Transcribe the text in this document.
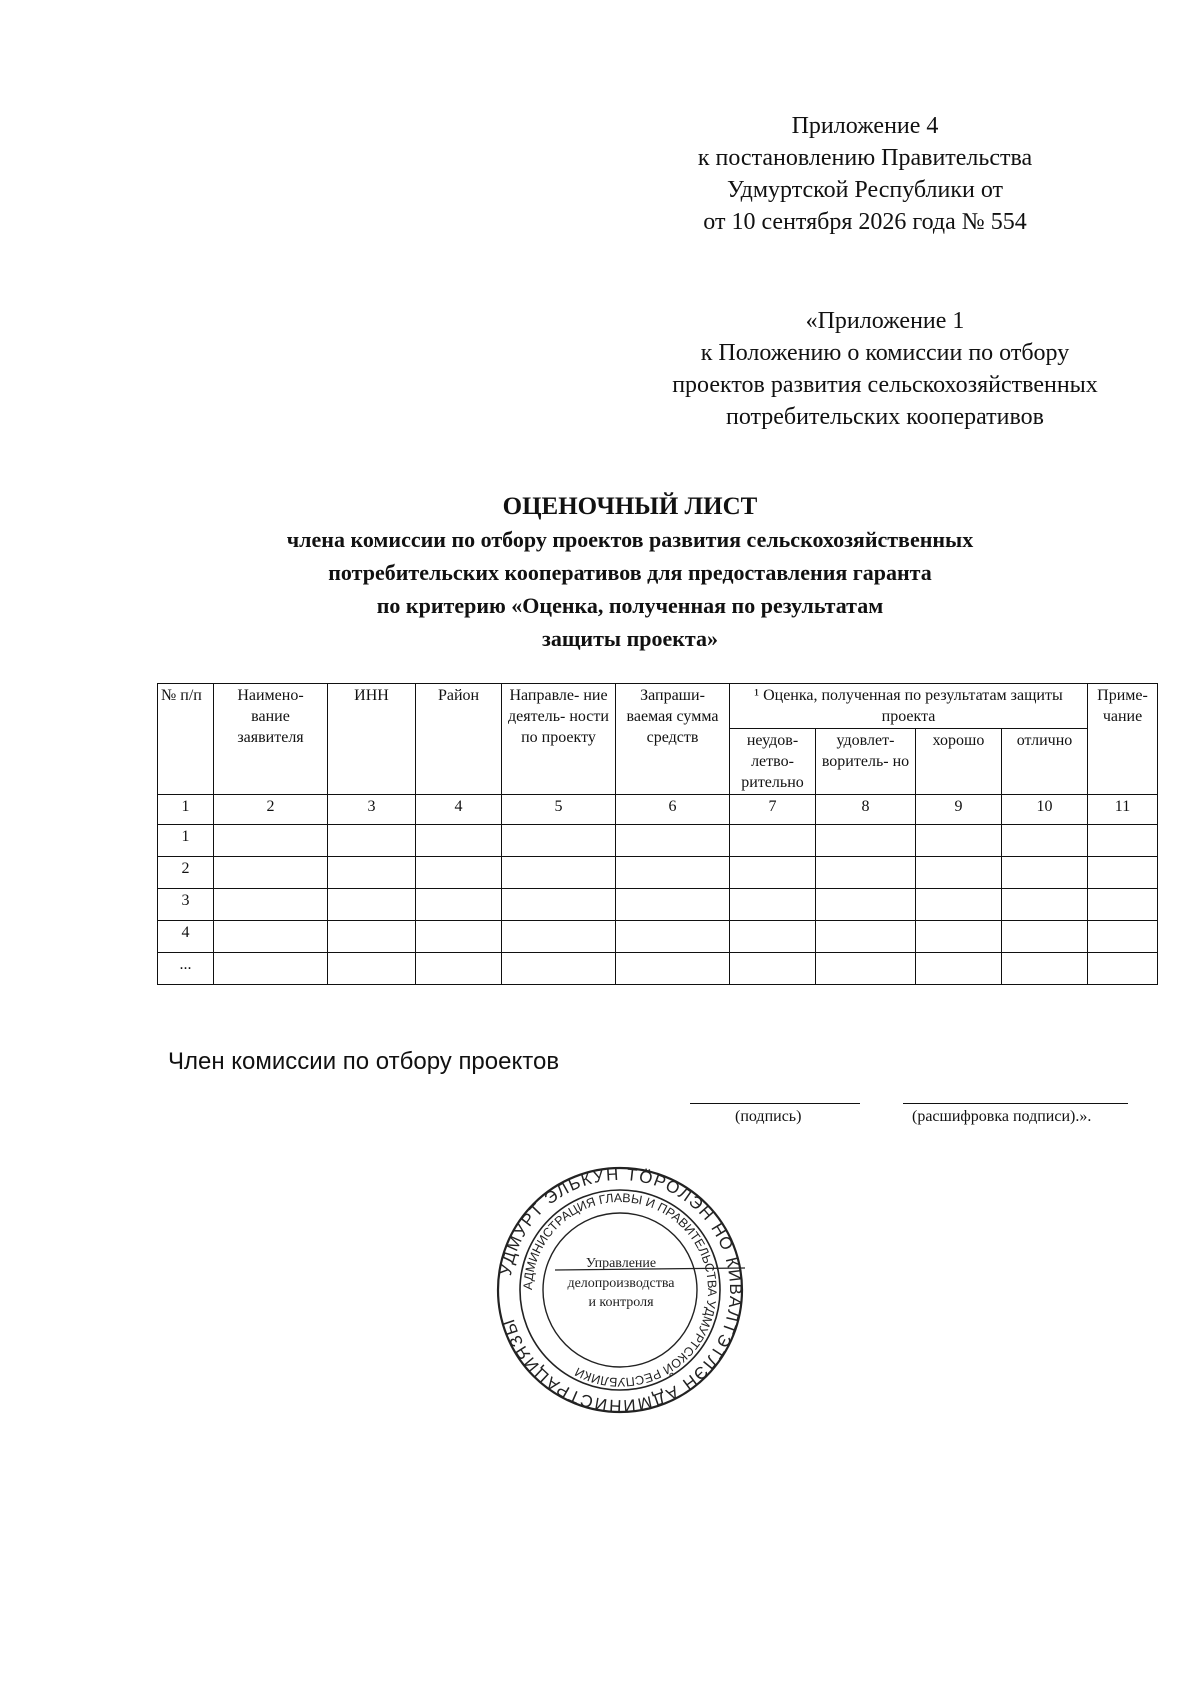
Приложение 4
к постановлению Правительства
Удмуртской Республики от
от 10 сентября 2026 года № 554
«Приложение 1
к Положению о комиссии по отбору
проектов развития сельскохозяйственных
потребительских кооперативов
ОЦЕНОЧНЫЙ ЛИСТ
члена комиссии по отбору проектов развития сельскохозяйственных
потребительских кооперативов для предоставления гаранта
по критерию «Оценка, полученная по результатам
защиты проекта»
№ п/п	Наимено- вание заявителя	ИНН	Район	Направле- ние деятель- ности по проекту	Запраши- ваемая сумма средств	¹ Оценка, полученная по результатам защиты проекта				Приме- чание
						неудов- летво- рительно	удовлет- воритель- но	хорошо	отлично	
1	2	3	4	5	6	7	8	9	10	11
1										
2										
3										
4										
...										
Член комиссии по отбору проектов
(подпись)	(расшифровка подписи).».
УДМУРТ ЭЛЬКУН ТӦРОЛЭН НО КИВАЛТЭТЛЭН АДМИНИСТРАЦИЯЗЫ
АДМИНИСТРАЦИЯ ГЛАВЫ И ПРАВИТЕЛЬСТВА УДМУРТСКОЙ РЕСПУБЛИКИ
Управление
делопроизводства
и контроля
